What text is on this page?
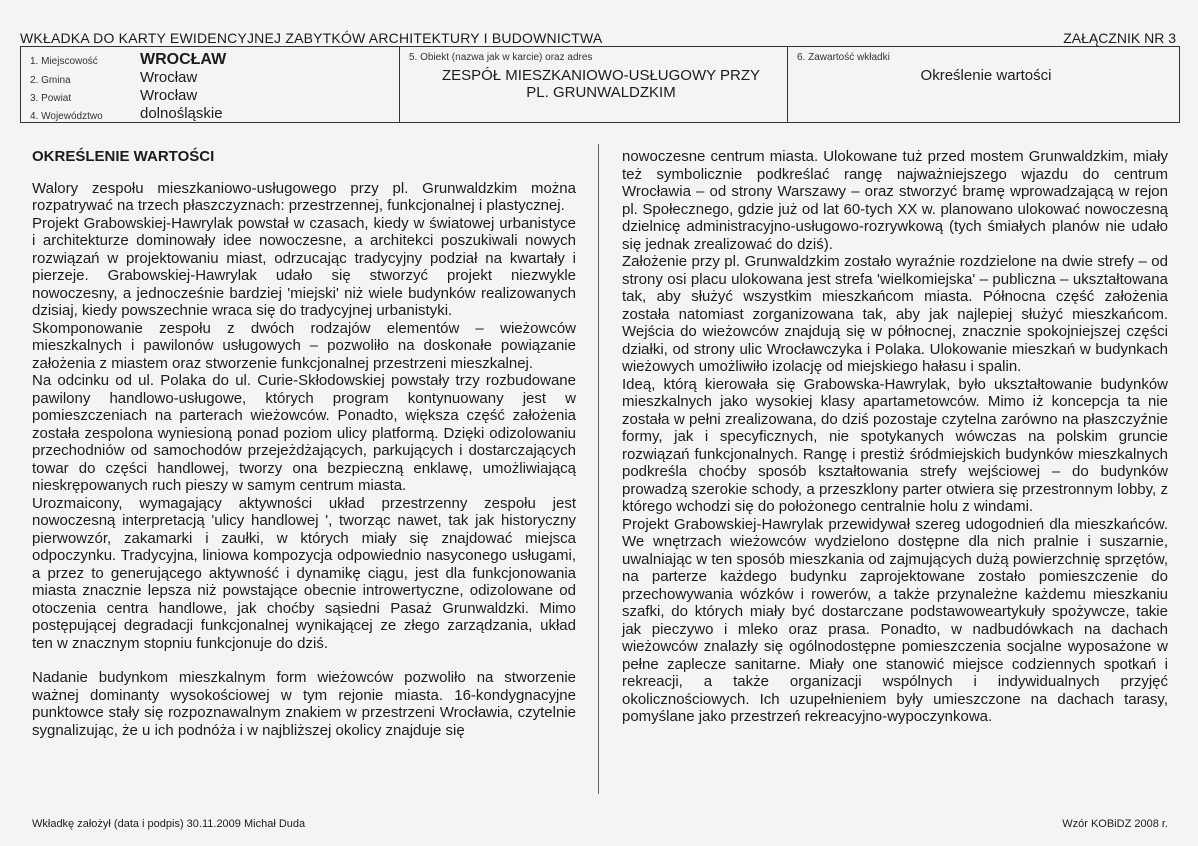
WKŁADKA DO KARTY EWIDENCYJNEJ ZABYTKÓW ARCHITEKTURY I BUDOWNICTWA	ZAŁĄCZNIK NR 3
1. Miejscowość	WROCŁAW
2. Gmina	Wrocław
3. Powiat	Wrocław
4. Województwo dolnośląskie
5. Obiekt (nazwa jak w karcie) oraz adres
ZESPÓŁ MIESZKANIOWO-USŁUGOWY PRZY
PL. GRUNWALDZKIM
6. Zawartość wkładki
Określenie wartości
OKREŚLENIE WARTOŚCI

Walory zespołu mieszkaniowo-usługowego przy pl. Grunwaldzkim można rozpatrywać na trzech płaszczyznach: przestrzennej, funkcjonalnej i plastycznej.

Projekt Grabowskiej-Hawrylak powstał w czasach, kiedy w światowej urbanistyce i architekturze dominowały idee nowoczesne, a architekci poszukiwali nowych rozwiązań w projektowaniu miast, odrzucając tradycyjny podział na kwartały i pierzeje. Grabowskiej-Hawrylak udało się stworzyć projekt niezwykle nowoczesny, a jednocześnie bardziej 'miejski' niż wiele budynków realizowanych dzisiaj, kiedy powszechnie wraca się do tradycyjnej urbanistyki.

Skomponowanie zespołu z dwóch rodzajów elementów – wieżowców mieszkalnych i pawilonów usługowych – pozwoliło na doskonałe powiązanie założenia z miastem oraz stworzenie funkcjonalnej przestrzeni mieszkalnej.

Na odcinku od ul. Polaka do ul. Curie-Skłodowskiej powstały trzy rozbudowane pawilony handlowo-usługowe, których program kontynuowany jest w pomieszczeniach na parterach wieżowców. Ponadto, większa część założenia została zespolona wyniesioną ponad poziom ulicy platformą. Dzięki odizolowaniu przechodniów od samochodów przejeżdżających, parkujących i dostarczających towar do części handlowej, tworzy ona bezpieczną enklawę, umożliwiającą nieskrępowanych ruch pieszy w samym centrum miasta.

Urozmaicony, wymagający aktywności układ przestrzenny zespołu jest nowoczesną interpretacją 'ulicy handlowej ', tworząc nawet, tak jak historyczny pierwowzór, zakamarki i zaułki, w których miały się znajdować miejsca odpoczynku. Tradycyjna, liniowa kompozycja odpowiednio nasyconego usługami, a przez to generującego aktywność i dynamikę ciągu, jest dla funkcjonowania miasta znacznie lepsza niż powstające obecnie introwertyczne, odizolowane od otoczenia centra handlowe, jak choćby sąsiedni Pasaż Grunwaldzki. Mimo postępującej degradacji funkcjonalnej wynikającej ze złego zarządzania, układ ten w znacznym stopniu funkcjonuje do dziś.

Nadanie budynkom mieszkalnym form wieżowców pozwoliło na stworzenie ważnej dominanty wysokościowej w tym rejonie miasta. 16-kondygnacyjne punktowce stały się rozpoznawalnym znakiem w przestrzeni Wrocławia, czytelnie sygnalizując, że u ich podnóża i w najbliższej okolicy znajduje się

nowoczesne centrum miasta. Ulokowane tuż przed mostem Grunwaldzkim, miały też symbolicznie podkreślać rangę najważniejszego wjazdu do centrum Wrocławia – od strony Warszawy – oraz stworzyć bramę wprowadzającą w rejon pl. Społecznego, gdzie już od lat 60-tych XX w. planowano ulokować nowoczesną dzielnicę administracyjno-usługowo-rozrywkową (tych śmiałych planów nie udało się jednak zrealizować do dziś).

Założenie przy pl. Grunwaldzkim zostało wyraźnie rozdzielone na dwie strefy – od strony osi placu ulokowana jest strefa 'wielkomiejska' – publiczna – ukształtowana tak, aby służyć wszystkim mieszkańcom miasta. Północna część założenia została natomiast zorganizowana tak, aby jak najlepiej służyć mieszkańcom. Wejścia do wieżowców znajdują się w północnej, znacznie spokojniejszej części działki, od strony ulic Wrocławczyka i Polaka. Ulokowanie mieszkań w budynkach wieżowych umożliwiło izolację od miejskiego hałasu i spalin.

Ideą, którą kierowała się Grabowska-Hawrylak, było ukształtowanie budynków mieszkalnych jako wysokiej klasy apartametowców. Mimo iż koncepcja ta nie została w pełni zrealizowana, do dziś pozostaje czytelna zarówno na płaszczyźnie formy, jak i specyficznych, nie spotykanych wówczas na polskim gruncie rozwiązań funkcjonalnych. Rangę i prestiż śródmiejskich budynków mieszkalnych podkreśla choćby sposób kształtowania strefy wejściowej – do budynków prowadzą szerokie schody, a przeszklony parter otwiera się przestronnym lobby, z którego wchodzi się do położonego centralnie holu z windami.

Projekt Grabowskiej-Hawrylak przewidywał szereg udogodnień dla mieszkańców. We wnętrzach wieżowców wydzielono dostępne dla nich pralnie i suszarnie, uwalniając w ten sposób mieszkania od zajmujących dużą powierzchnię sprzętów, na parterze każdego budynku zaprojektowane zostało pomieszczenie do przechowywania wózków i rowerów, a także przynależne każdemu mieszkaniu szafki, do których miały być dostarczane podstawoweartykuły spożywcze, takie jak pieczywo i mleko oraz prasa. Ponadto, w nadbudówkach na dachach wieżowców znalazły się ogólnodostępne pomieszczenia socjalne wyposażone w pełne zaplecze sanitarne. Miały one stanowić miejsce codziennych spotkań i rekreacji, a także organizacji wspólnych i indywidualnych przyjęć okolicznościowych. Ich uzupełnieniem były umieszczone na dachach tarasy, pomyślane jako przestrzeń rekreacyjno-wypoczynkowa.

Wkładkę założył (data i podpis) 30.11.2009 Michał Duda	Wzór KOBiDZ 2008 r.
